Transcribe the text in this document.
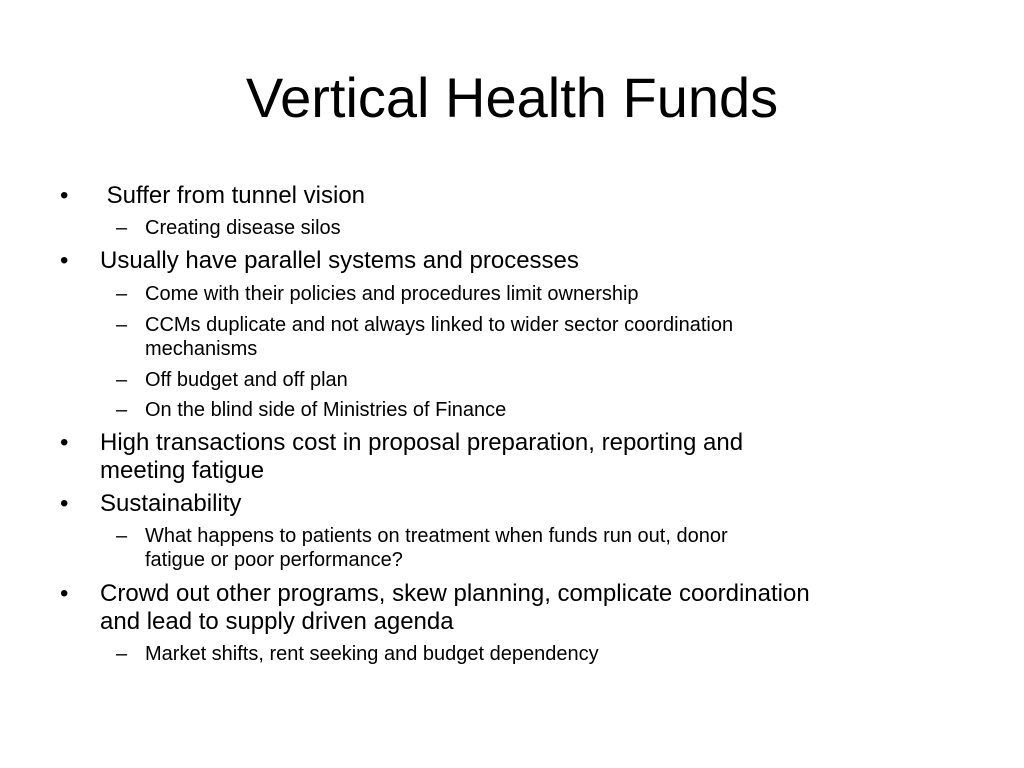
Vertical Health Funds
• Suffer from tunnel vision
– Creating disease silos
• Usually have parallel systems and processes
– Come with their policies and procedures limit ownership
– CCMs duplicate and not always linked to wider sector coordination
mechanisms
– Off budget and off plan
– On the blind side of Ministries of Finance
• High transactions cost in proposal preparation, reporting and
meeting fatigue
• Sustainability
– What happens to patients on treatment when funds run out, donor
fatigue or poor performance?
• Crowd out other programs, skew planning, complicate coordination
and lead to supply driven agenda
– Market shifts, rent seeking and budget dependency
